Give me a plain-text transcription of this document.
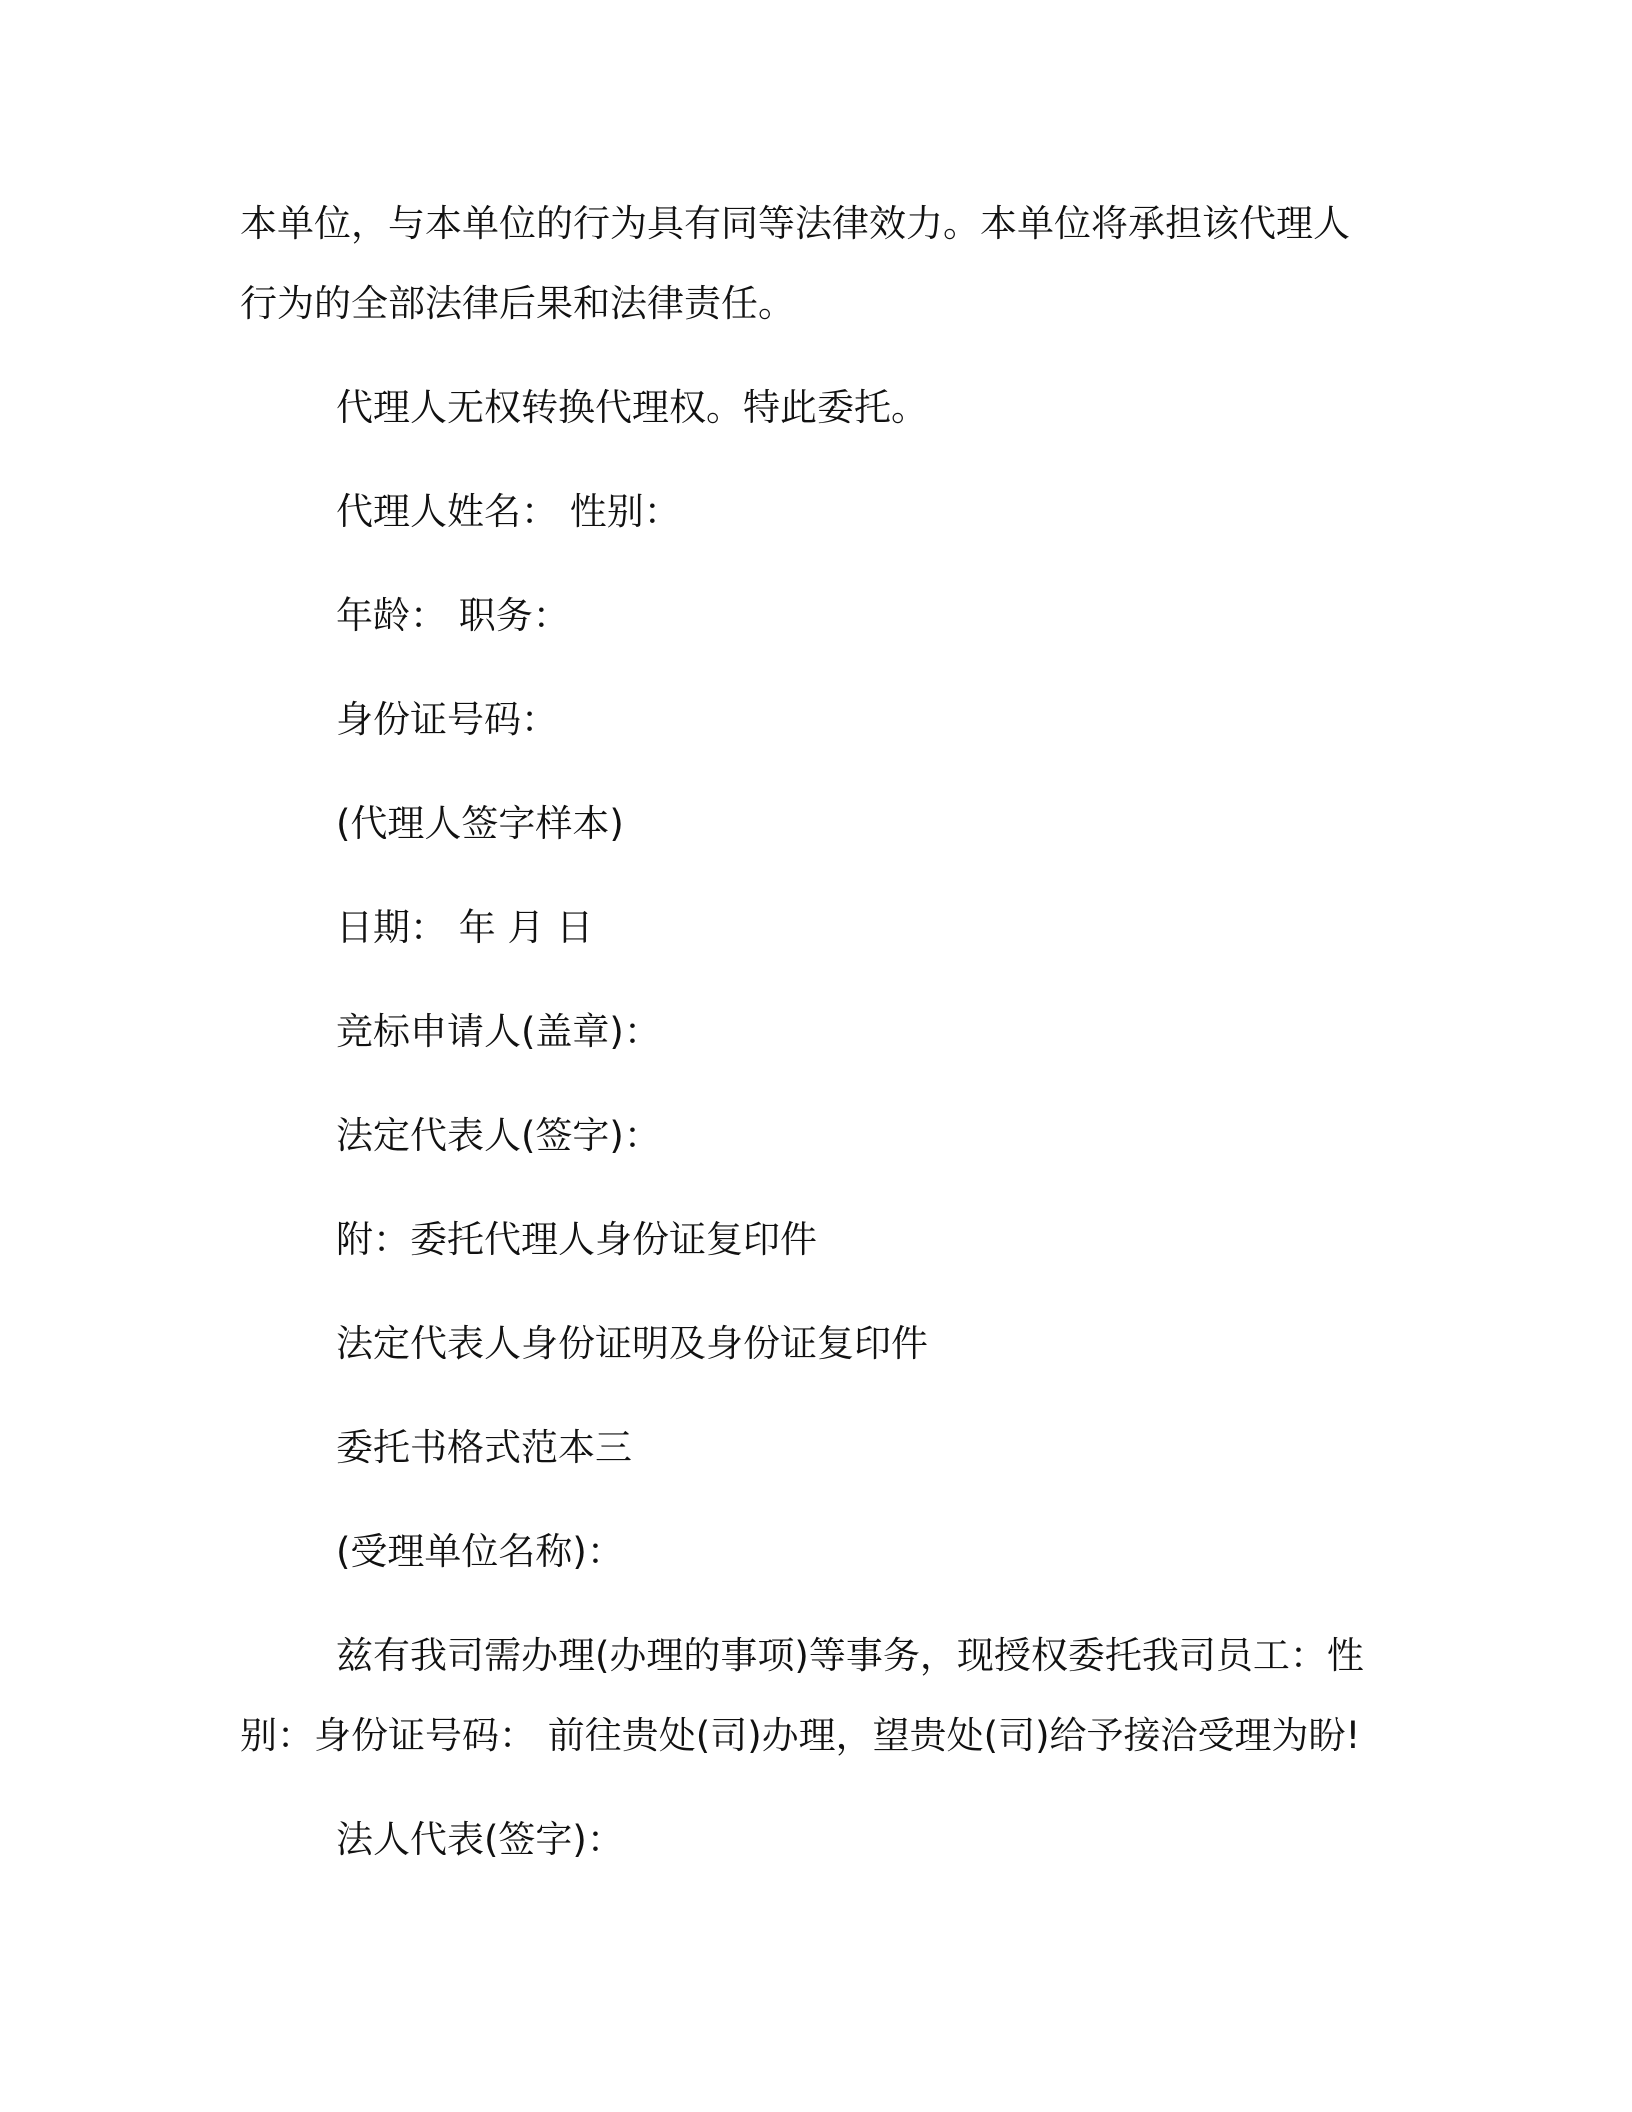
本单位，与本单位的行为具有同等法律效力。本单位将承担该代理人行为的全部法律后果和法律责任。

代理人无权转换代理权。特此委托。

代理人姓名： 性别：

年龄： 职务：

身份证号码：

(代理人签字样本)

日期： 年 月 日

竞标申请人(盖章)：

法定代表人(签字)：

附：委托代理人身份证复印件

法定代表人身份证明及身份证复印件

委托书格式范本三

(受理单位名称)：

兹有我司需办理(办理的事项)等事务，现授权委托我司员工：性别：身份证号码： 前往贵处(司)办理，望贵处(司)给予接洽受理为盼!

法人代表(签字)：
